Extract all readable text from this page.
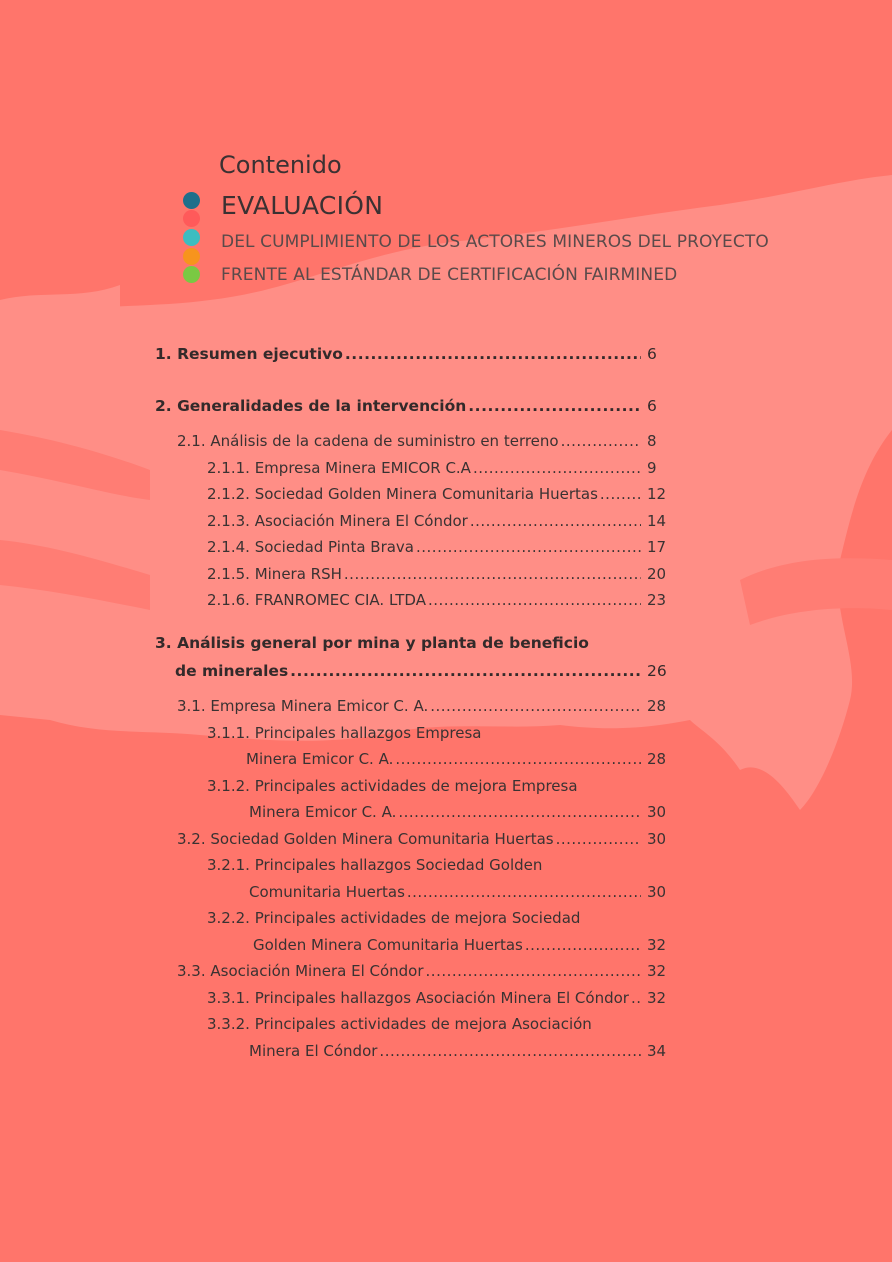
Contenido
EVALUACIÓN
DEL CUMPLIMIENTO DE LOS ACTORES MINEROS DEL PROYECTO
FRENTE AL ESTÁNDAR DE CERTIFICACIÓN FAIRMINED
1. Resumen ejecutivo .....	6
2. Generalidades de la intervención .....	6
2.1. Análisis de la cadena de suministro en terreno .....	8
2.1.1. Empresa Minera EMICOR C.A .....	9
2.1.2. Sociedad Golden Minera Comunitaria Huertas .....	12
2.1.3. Asociación Minera El Cóndor .....	14
2.1.4. Sociedad Pinta Brava .....	17
2.1.5. Minera RSH .....	20
2.1.6. FRANROMEC CIA. LTDA .....	23
3. Análisis general por mina y planta de beneficio
de minerales .....	26
3.1. Empresa Minera Emicor C. A. .....	28
3.1.1. Principales hallazgos Empresa
Minera Emicor C. A. .....	28
3.1.2. Principales actividades de mejora Empresa
Minera Emicor C. A. .....	30
3.2. Sociedad Golden Minera Comunitaria Huertas .....	30
3.2.1. Principales hallazgos Sociedad Golden
Comunitaria Huertas .....	30
3.2.2. Principales actividades de mejora Sociedad
Golden Minera Comunitaria Huertas .....	32
3.3. Asociación Minera El Cóndor .....	32
3.3.1. Principales hallazgos Asociación Minera El Cóndor ..... 32
3.3.2. Principales actividades de mejora Asociación
Minera El Cóndor .....	34
